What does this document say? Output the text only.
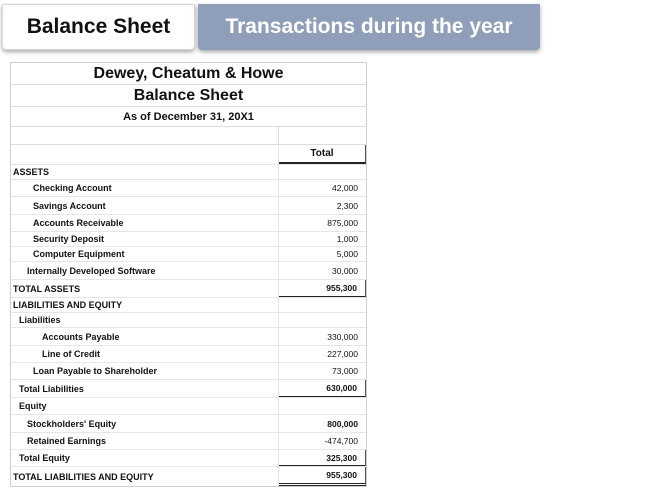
Balance Sheet	Transactions during the year
Dewey, Cheatum & Howe
Balance Sheet
As of December 31, 20X1
Total
ASSETS
Checking Account	42,000
Savings Account	2,300
Accounts Receivable	875,000
Security Deposit	1,000
Computer Equipment	5,000
Internally Developed Software	30,000
TOTAL ASSETS	955,300
LIABILITIES AND EQUITY
Liabilities
Accounts Payable	330,000
Line of Credit	227,000
Loan Payable to Shareholder	73,000
Total Liabilities	630,000
Equity
Stockholders' Equity	800,000
Retained Earnings	-474,700
Total Equity	325,300
TOTAL LIABILITIES AND EQUITY	955,300
